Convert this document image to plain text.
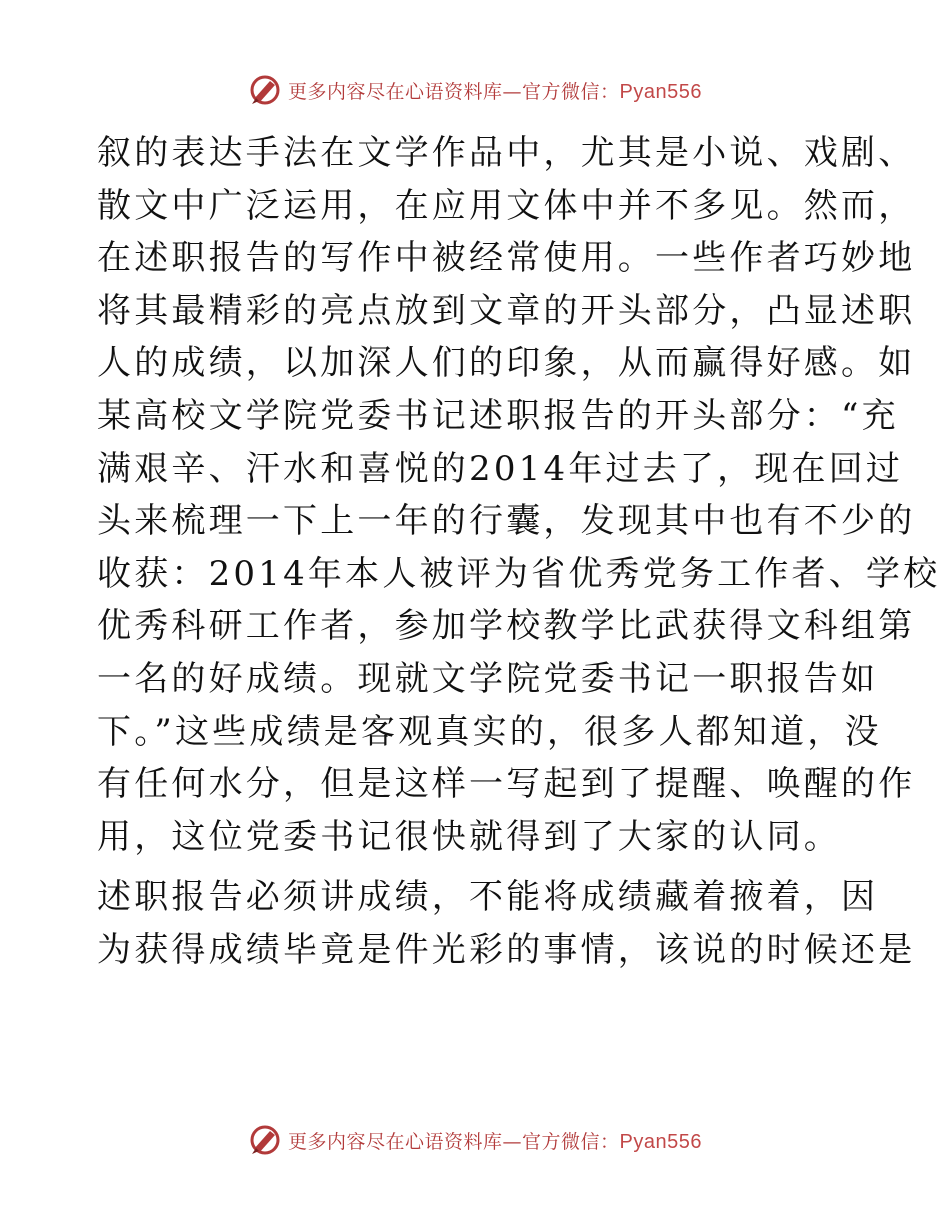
更多内容尽在心语资料库—官方微信：Pyan556
叙的表达手法在文学作品中，尤其是小说、戏剧、
散文中广泛运用，在应用文体中并不多见。然而，
在述职报告的写作中被经常使用。一些作者巧妙地
将其最精彩的亮点放到文章的开头部分，凸显述职
人的成绩，以加深人们的印象，从而赢得好感。如
某高校文学院党委书记述职报告的开头部分：“充
满艰辛、汗水和喜悦的2014年过去了，现在回过
头来梳理一下上一年的行囊，发现其中也有不少的
收获：2014年本人被评为省优秀党务工作者、学校
优秀科研工作者，参加学校教学比武获得文科组第
一名的好成绩。现就文学院党委书记一职报告如
下。”这些成绩是客观真实的，很多人都知道，没
有任何水分，但是这样一写起到了提醒、唤醒的作
用，这位党委书记很快就得到了大家的认同。
述职报告必须讲成绩，不能将成绩藏着掖着，因
为获得成绩毕竟是件光彩的事情，该说的时候还是
更多内容尽在心语资料库—官方微信：Pyan556
